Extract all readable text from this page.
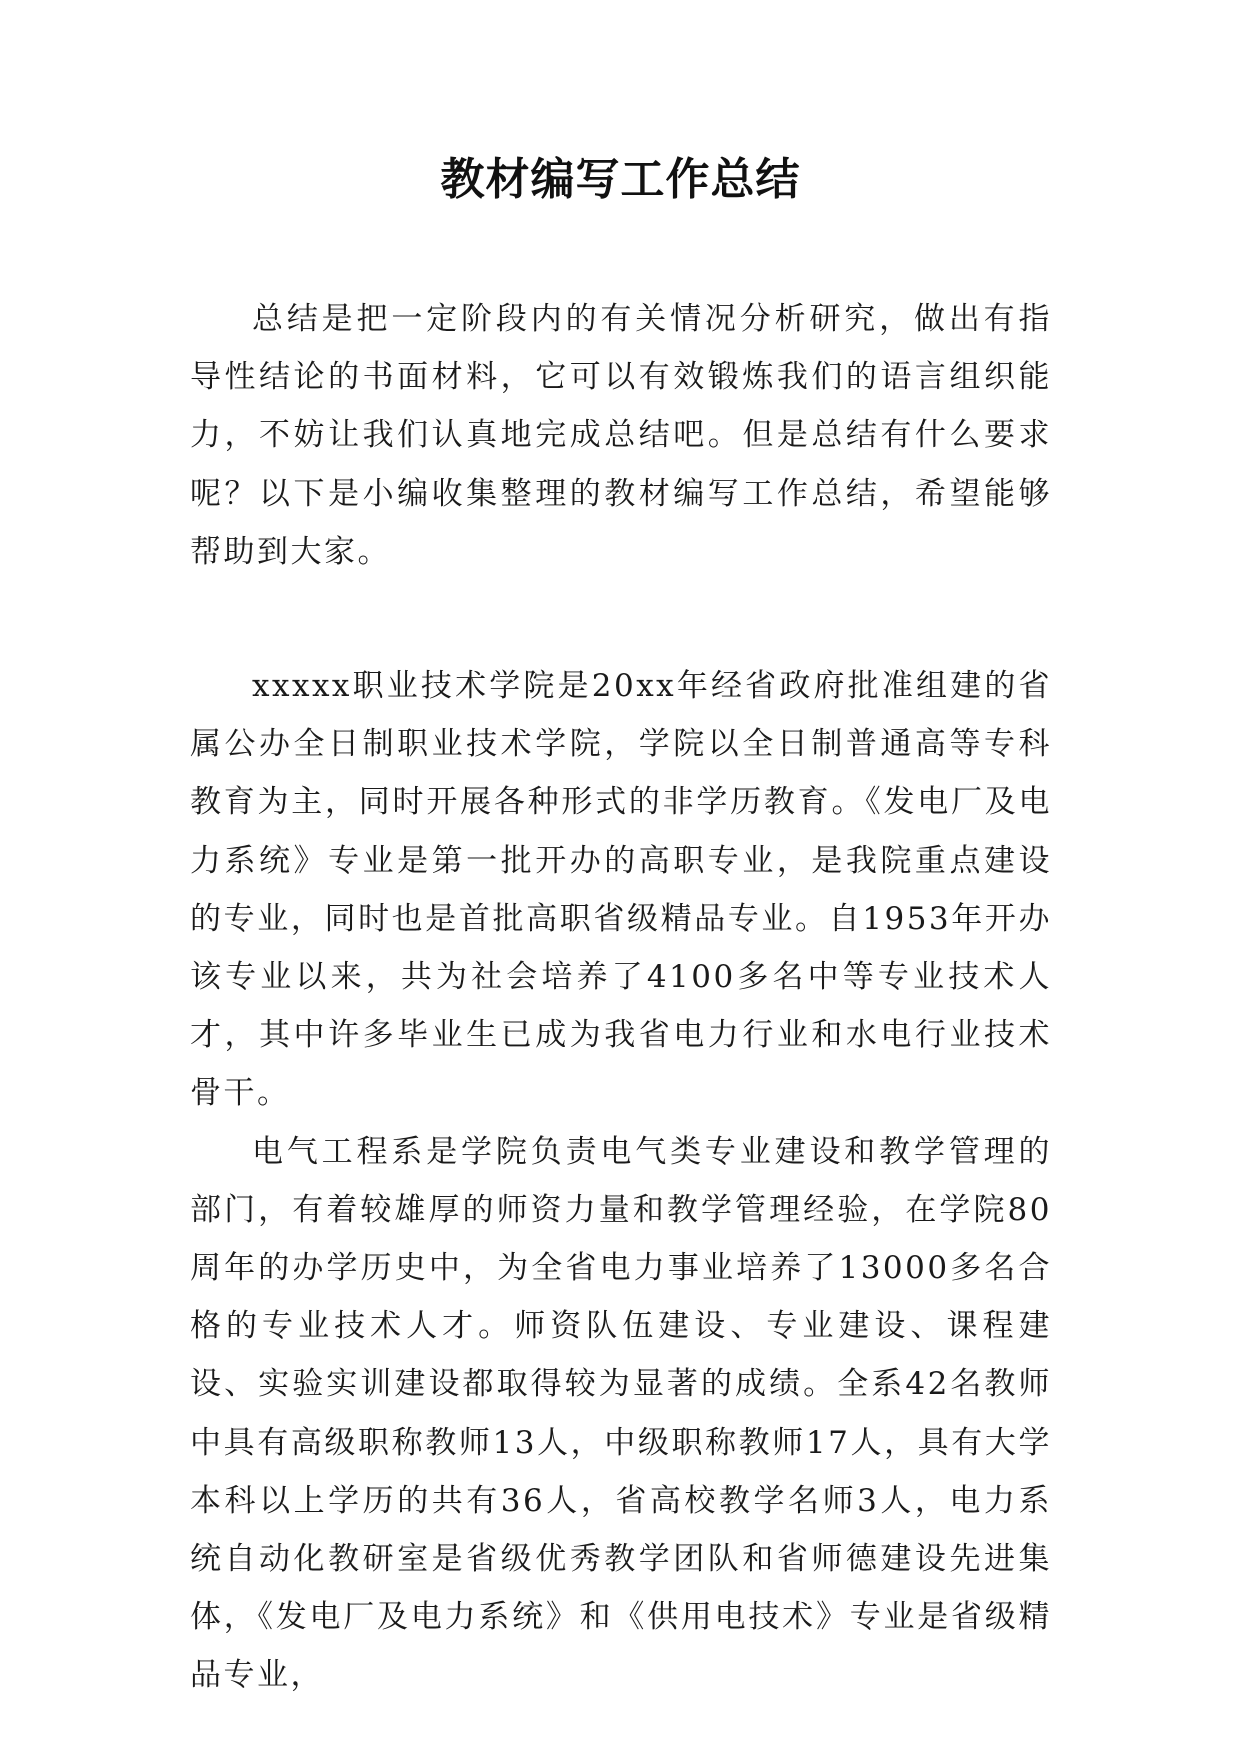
教材编写工作总结

总结是把一定阶段内的有关情况分析研究，做出有指导性结论的书面材料，它可以有效锻炼我们的语言组织能力，不妨让我们认真地完成总结吧。但是总结有什么要求呢？以下是小编收集整理的教材编写工作总结，希望能够帮助到大家。

xxxxx职业技术学院是20xx年经省政府批准组建的省属公办全日制职业技术学院，学院以全日制普通高等专科教育为主，同时开展各种形式的非学历教育。《发电厂及电力系统》专业是第一批开办的高职专业，是我院重点建设的专业，同时也是首批高职省级精品专业。自1953年开办该专业以来，共为社会培养了4100多名中等专业技术人才，其中许多毕业生已成为我省电力行业和水电行业技术骨干。

电气工程系是学院负责电气类专业建设和教学管理的部门，有着较雄厚的师资力量和教学管理经验，在学院80周年的办学历史中，为全省电力事业培养了13000多名合格的专业技术人才。师资队伍建设、专业建设、课程建设、实验实训建设都取得较为显著的成绩。全系42名教师中具有高级职称教师13人，中级职称教师17人，具有大学本科以上学历的共有36人，省高校教学名师3人，电力系统自动化教研室是省级优秀教学团队和省师德建设先进集体，《发电厂及电力系统》和《供用电技术》专业是省级精品专业，
